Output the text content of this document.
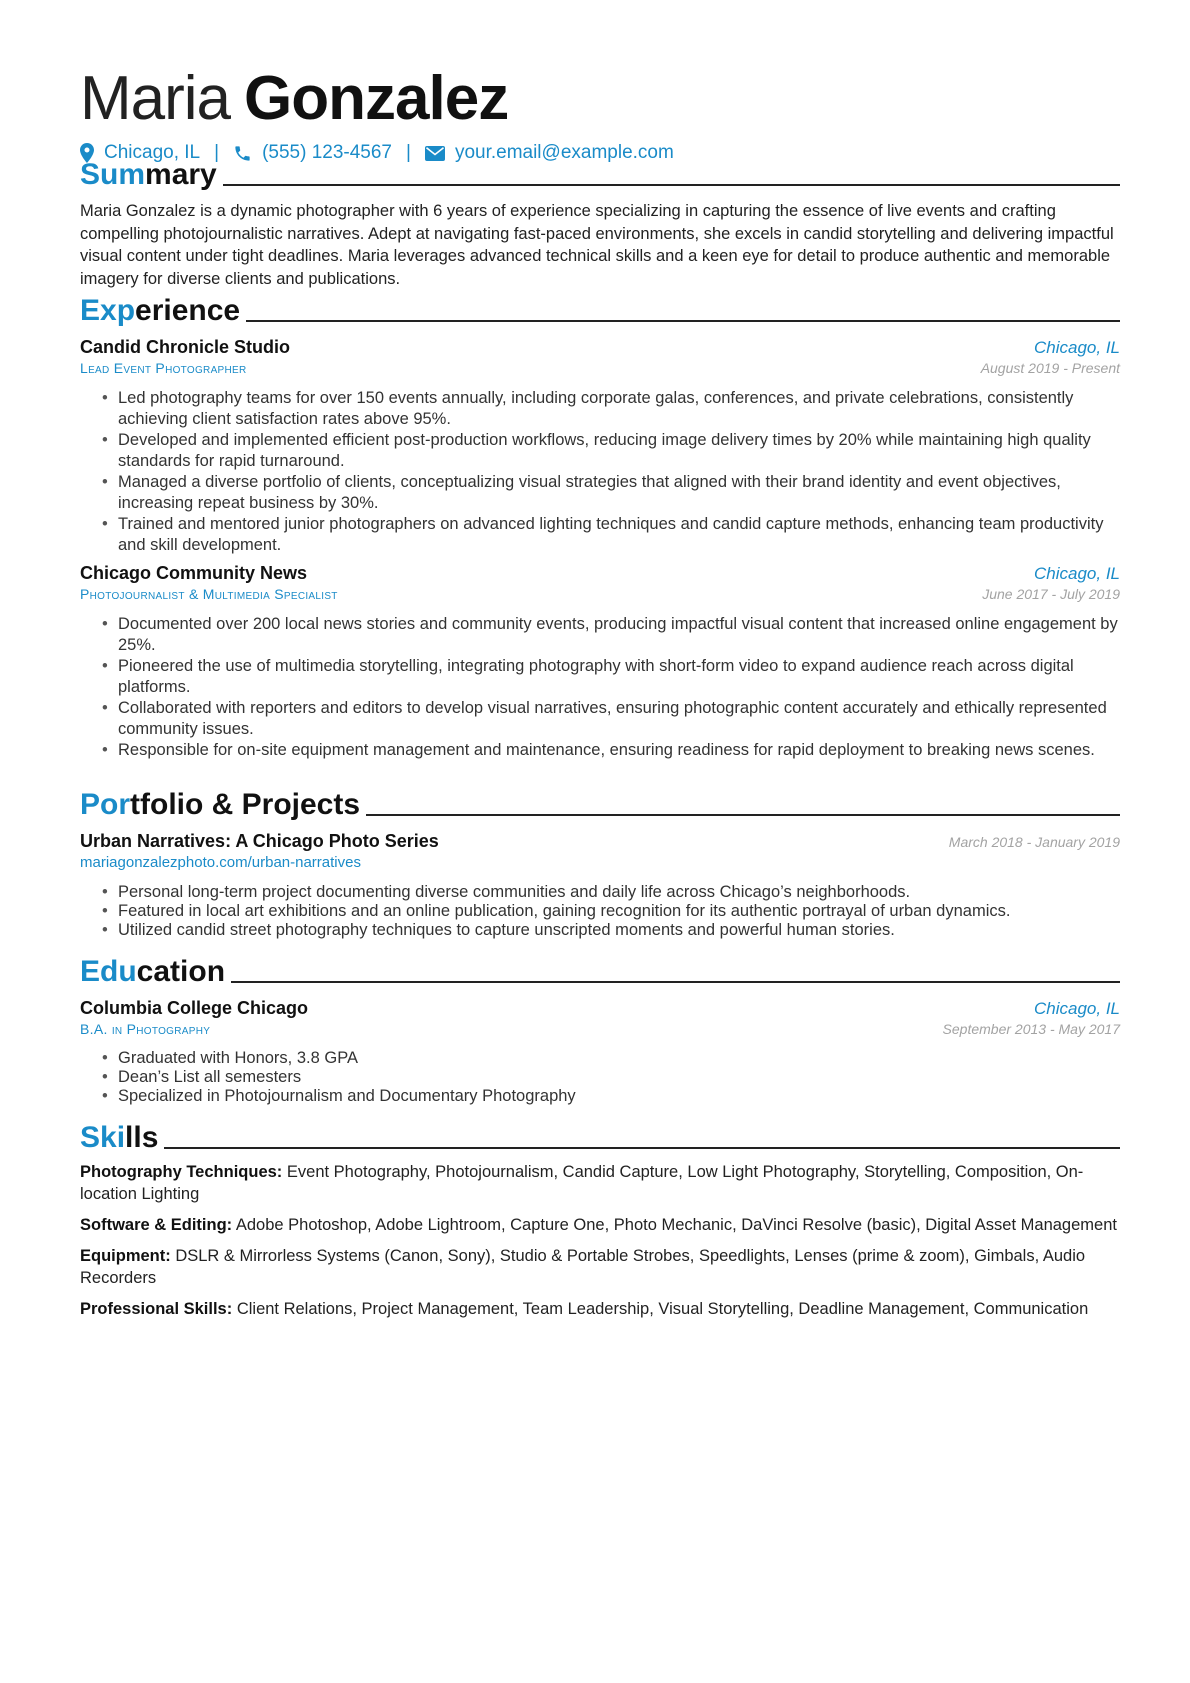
Maria Gonzalez
Chicago, IL | (555) 123-4567 | your.email@example.com
Summary

Maria Gonzalez is a dynamic photographer with 6 years of experience specializing in capturing the essence of live events and crafting compelling photojournalistic narratives. Adept at navigating fast-paced environments, she excels in candid storytelling and delivering impactful visual content under tight deadlines. Maria leverages advanced technical skills and a keen eye for detail to produce authentic and memorable imagery for diverse clients and publications.

Experience
Candid Chronicle Studio	Chicago, IL
Lead Event Photographer	August 2019 - Present
• Led photography teams for over 150 events annually, including corporate galas, conferences, and private celebrations, consistently achieving client satisfaction rates above 95%.
• Developed and implemented efficient post-production workflows, reducing image delivery times by 20% while maintaining high quality standards for rapid turnaround.
• Managed a diverse portfolio of clients, conceptualizing visual strategies that aligned with their brand identity and event objectives, increasing repeat business by 30%.
• Trained and mentored junior photographers on advanced lighting techniques and candid capture methods, enhancing team productivity and skill development.
Chicago Community News	Chicago, IL
Photojournalist & Multimedia Specialist	June 2017 - July 2019
• Documented over 200 local news stories and community events, producing impactful visual content that increased online engagement by 25%.
• Pioneered the use of multimedia storytelling, integrating photography with short-form video to expand audience reach across digital platforms.
• Collaborated with reporters and editors to develop visual narratives, ensuring photographic content accurately and ethically represented community issues.
• Responsible for on-site equipment management and maintenance, ensuring readiness for rapid deployment to breaking news scenes.
Portfolio & Projects
Urban Narratives: A Chicago Photo Series	March 2018 - January 2019
mariagonzalezphoto.com/urban-narratives
• Personal long-term project documenting diverse communities and daily life across Chicago’s neighborhoods.
• Featured in local art exhibitions and an online publication, gaining recognition for its authentic portrayal of urban dynamics.
• Utilized candid street photography techniques to capture unscripted moments and powerful human stories.
Education
Columbia College Chicago	Chicago, IL
B.A. in Photography	September 2013 - May 2017
• Graduated with Honors, 3.8 GPA
• Dean’s List all semesters
• Specialized in Photojournalism and Documentary Photography
Skills

Photography Techniques: Event Photography, Photojournalism, Candid Capture, Low Light Photography, Storytelling, Composition, On-location Lighting

Software & Editing: Adobe Photoshop, Adobe Lightroom, Capture One, Photo Mechanic, DaVinci Resolve (basic), Digital Asset Management

Equipment: DSLR & Mirrorless Systems (Canon, Sony), Studio & Portable Strobes, Speedlights, Lenses (prime & zoom), Gimbals, Audio Recorders

Professional Skills: Client Relations, Project Management, Team Leadership, Visual Storytelling, Deadline Management, Communication
